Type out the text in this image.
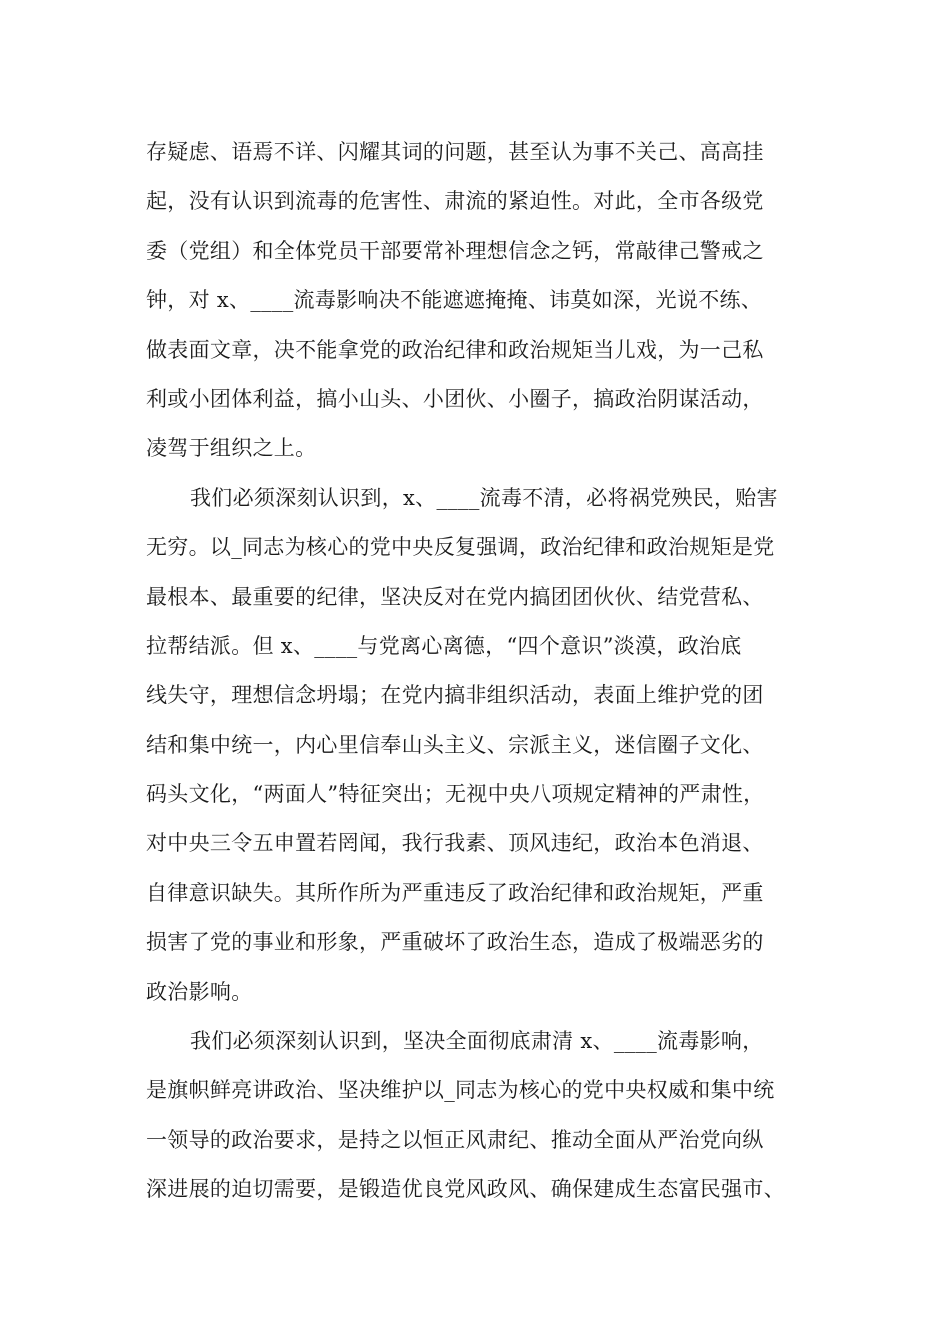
存疑虑、语焉不详、闪耀其词的问题，甚至认为事不关己、高高挂
起，没有认识到流毒的危害性、肃流的紧迫性。对此，全市各级党
委（党组）和全体党员干部要常补理想信念之钙，常敲律己警戒之
钟，对 x、____流毒影响决不能遮遮掩掩、讳莫如深，光说不练、
做表面文章，决不能拿党的政治纪律和政治规矩当儿戏，为一己私
利或小团体利益，搞小山头、小团伙、小圈子，搞政治阴谋活动，
凌驾于组织之上。
我们必须深刻认识到，x、____流毒不清，必将祸党殃民，贻害
无穷。以_同志为核心的党中央反复强调，政治纪律和政治规矩是党
最根本、最重要的纪律，坚决反对在党内搞团团伙伙、结党营私、
拉帮结派。但 x、____与党离心离德，“四个意识”淡漠，政治底
线失守，理想信念坍塌；在党内搞非组织活动，表面上维护党的团
结和集中统一，内心里信奉山头主义、宗派主义，迷信圈子文化、
码头文化，“两面人”特征突出；无视中央八项规定精神的严肃性，
对中央三令五申置若罔闻，我行我素、顶风违纪，政治本色消退、
自律意识缺失。其所作所为严重违反了政治纪律和政治规矩，严重
损害了党的事业和形象，严重破坏了政治生态，造成了极端恶劣的
政治影响。
我们必须深刻认识到，坚决全面彻底肃清 x、____流毒影响，
是旗帜鲜亮讲政治、坚决维护以_同志为核心的党中央权威和集中统
一领导的政治要求，是持之以恒正风肃纪、推动全面从严治党向纵
深进展的迫切需要，是锻造优良党风政风、确保建成生态富民强市、
